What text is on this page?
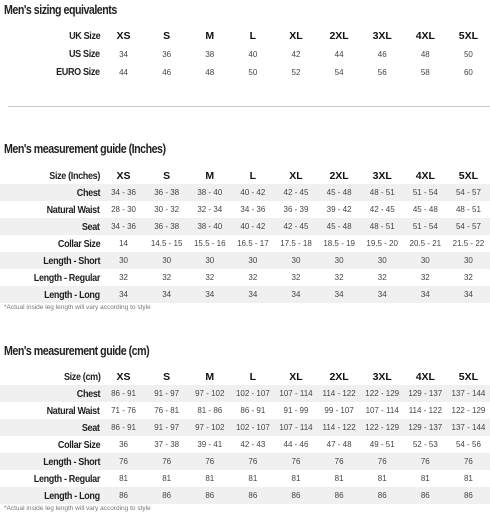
Men's sizing equivalents
UK Size	XS	S	M	L	XL	2XL	3XL	4XL	5XL
US Size	34	36	38	40	42	44	46	48	50
EURO Size	44	46	48	50	52	54	56	58	60
Men's measurement guide (Inches)
Size (Inches)	XS	S	M	L	XL	2XL	3XL	4XL	5XL
Chest	34 - 36	36 - 38	38 - 40	40 - 42	42 - 45	45 - 48	48 - 51	51 - 54	54 - 57
Natural Waist	28 - 30	30 - 32	32 - 34	34 - 36	36 - 39	39 - 42	42 - 45	45 - 48	48 - 51
Seat	34 - 36	36 - 38	38 - 40	40 - 42	42 - 45	45 - 48	48 - 51	51 - 54	54 - 57
Collar Size	14	14.5 - 15	15.5 - 16	16.5 - 17	17.5 - 18	18.5 - 19	19.5 - 20	20.5 - 21	21.5 - 22
Length - Short	30	30	30	30	30	30	30	30	30
Length - Regular	32	32	32	32	32	32	32	32	32
Length - Long	34	34	34	34	34	34	34	34	34

*Actual inside leg length will vary according to style

Men's measurement guide (cm)
Size (cm)	XS	S	M	L	XL	2XL	3XL	4XL	5XL
Chest	86 - 91	91 - 97	97 - 102	102 - 107	107 - 114	114 - 122	122 - 129	129 - 137	137 - 144
Natural Waist	71 - 76	76 - 81	81 - 86	86 - 91	91 - 99	99 - 107	107 - 114	114 - 122	122 - 129
Seat	86 - 91	91 - 97	97 - 102	102 - 107	107 - 114	114 - 122	122 - 129	129 - 137	137 - 144
Collar Size	36	37 - 38	39 - 41	42 - 43	44 - 46	47 - 48	49 - 51	52 - 53	54 - 56
Length - Short	76	76	76	76	76	76	76	76	76
Length - Regular	81	81	81	81	81	81	81	81	81
Length - Long	86	86	86	86	86	86	86	86	86

*Actual inside leg length will vary according to style
